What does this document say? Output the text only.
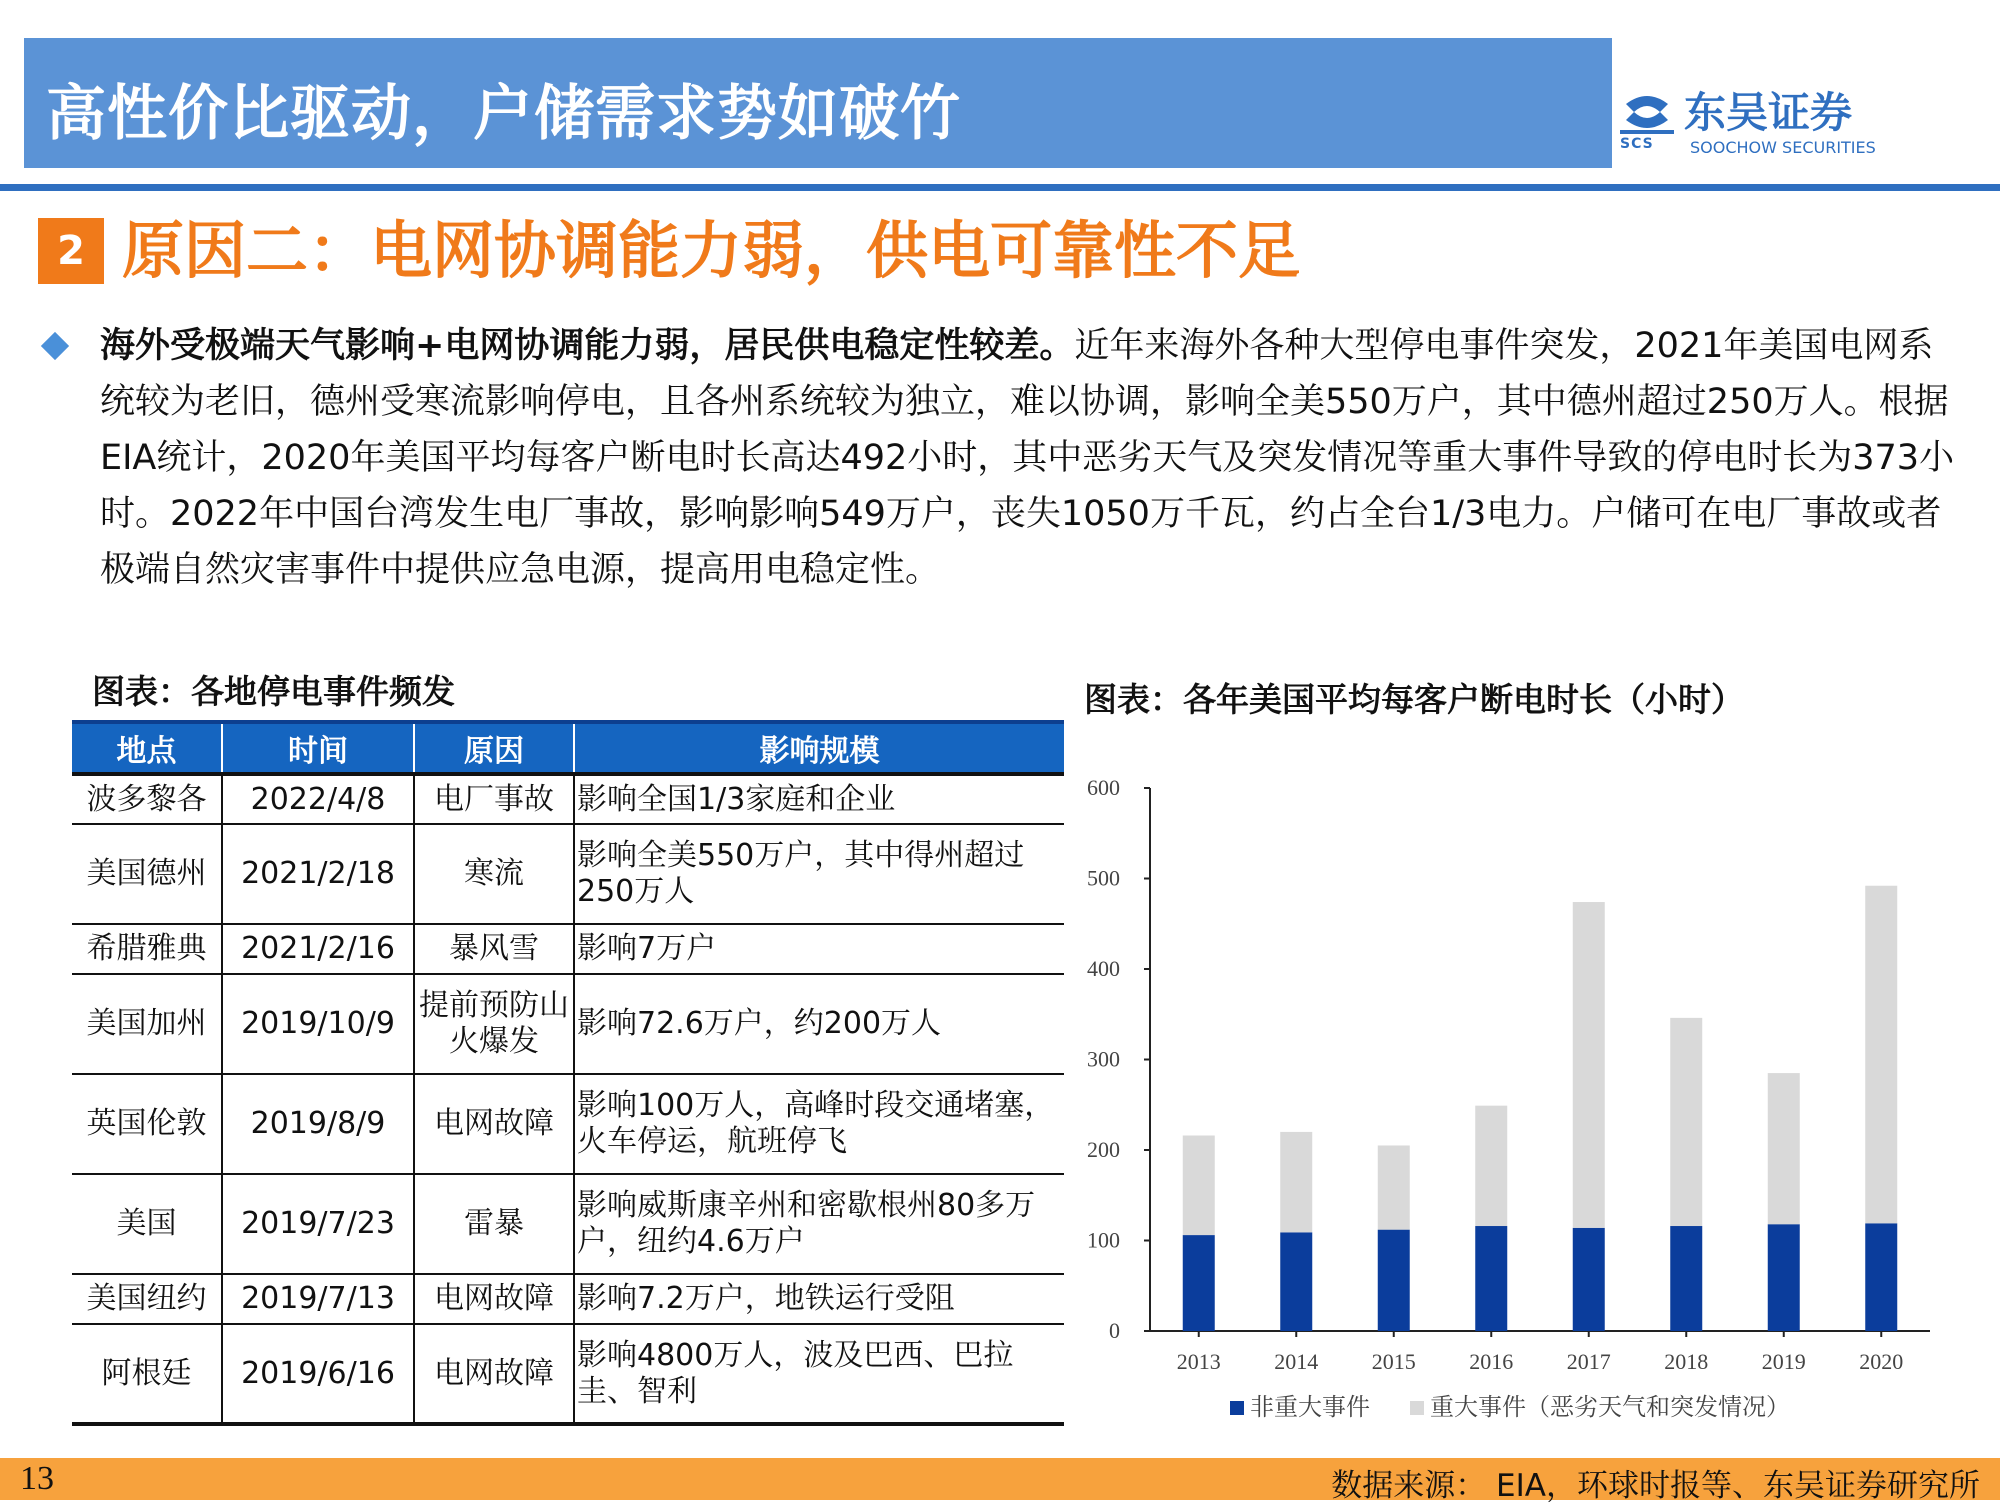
高性价比驱动，户储需求势如破竹	SCS
东吴证券
SOOCHOW SECURITIES
2 原因二：电网协调能力弱，供电可靠性不足
海外受极端天气影响+电网协调能力弱，居民供电稳定性较差。近年来海外各种大型停电事件突发，2021年美国电网系统较为老旧，德州受寒流影响停电，且各州系统较为独立，难以协调，影响全美550万户，其中德州超过250万人。根据EIA统计，2020年美国平均每客户断电时长高达492小时，其中恶劣天气及突发情况等重大事件导致的停电时长为373小时。2022年中国台湾发生电厂事故，影响影响549万户，丧失1050万千瓦，约占全台1/3电力。户储可在电厂事故或者极端自然灾害事件中提供应急电源，提高用电稳定性。
图表：各地停电事件频发	图表：各年美国平均每客户断电时长（小时）
地点	时间	原因	影响规模
波多黎各	2022/4/8	电厂事故	影响全国1/3家庭和企业
美国德州	2021/2/18	寒流	影响全美550万户，其中得州超过250万人
希腊雅典	2021/2/16	暴风雪	影响7万户
美国加州	2019/10/9	提前预防山火爆发	影响72.6万户，约200万人
英国伦敦	2019/8/9	电网故障	影响100万人，高峰时段交通堵塞，火车停运，航班停飞
美国	2019/7/23	雷暴	影响威斯康辛州和密歇根州80多万户，纽约4.6万户
美国纽约	2019/7/13	电网故障	影响7.2万户，地铁运行受阻
阿根廷	2019/6/16	电网故障	影响4800万人，波及巴西、巴拉圭、智利
0
100
200
300
400
500
600
2013 2014 2015 2016 2017 2018 2019 2020
非重大事件	重大事件（恶劣天气和突发情况）
13	数据来源： EIA，环球时报等、东吴证券研究所
